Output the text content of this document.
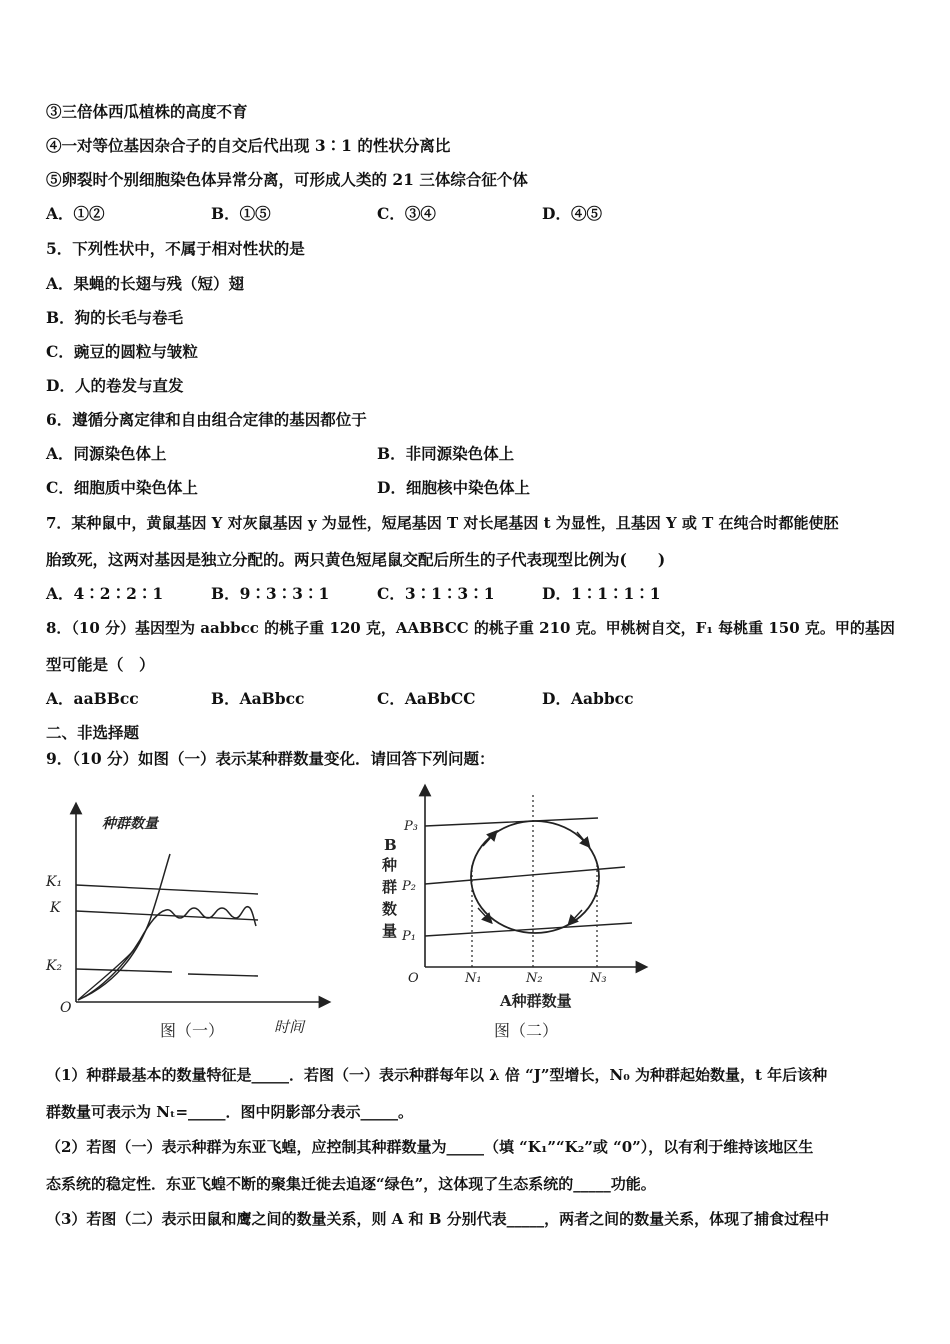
③三倍体西瓜植株的高度不育
④一对等位基因杂合子的自交后代出现 3∶1 的性状分离比
⑤卵裂时个别细胞染色体异常分离，可形成人类的 21 三体综合征个体
A．①②	B．①⑤	C．③④	D．④⑤
5．下列性状中，不属于相对性状的是
A．果蝇的长翅与残（短）翅
B．狗的长毛与卷毛
C．豌豆的圆粒与皱粒
D．人的卷发与直发
6．遵循分离定律和自由组合定律的基因都位于
A．同源染色体上	B．非同源染色体上
C．细胞质中染色体上	D．细胞核中染色体上
7．某种鼠中，黄鼠基因 Y 对灰鼠基因 y 为显性，短尾基因 T 对长尾基因 t 为显性，且基因 Y 或 T 在纯合时都能使胚
胎致死，这两对基因是独立分配的。两只黄色短尾鼠交配后所生的子代表现型比例为(　　)
A．4∶2∶2∶1	B．9∶3∶3∶1	C．3∶1∶3∶1	D．1∶1∶1∶1
8．（10 分）基因型为 aabbcc 的桃子重 120 克，AABBCC 的桃子重 210 克。甲桃树自交，F₁ 每桃重 150 克。甲的基因
型可能是（　）
A．aaBBcc	B．AaBbcc	C．AaBbCC	D．Aabbcc
二、非选择题
9．（10 分）如图（一）表示某种群数量变化．请回答下列问题：
种群数量
K₁
K
K₂
O
时间
图（一）
B
种
群
数
量
P₃
P₂
P₁
O	N₁	N₂	N₃
A种群数量
图（二）
（1）种群最基本的数量特征是_____．若图（一）表示种群每年以 λ 倍 “J”型增长，N₀ 为种群起始数量，t 年后该种
群数量可表示为 Nₜ=_____．图中阴影部分表示_____。
（2）若图（一）表示种群为东亚飞蝗，应控制其种群数量为_____（填 “K₁”“K₂”或 “0”），以有利于维持该地区生
态系统的稳定性．东亚飞蝗不断的聚集迁徙去追逐“绿色”，这体现了生态系统的_____功能。
（3）若图（二）表示田鼠和鹰之间的数量关系，则 A 和 B 分别代表_____，两者之间的数量关系，体现了捕食过程中
